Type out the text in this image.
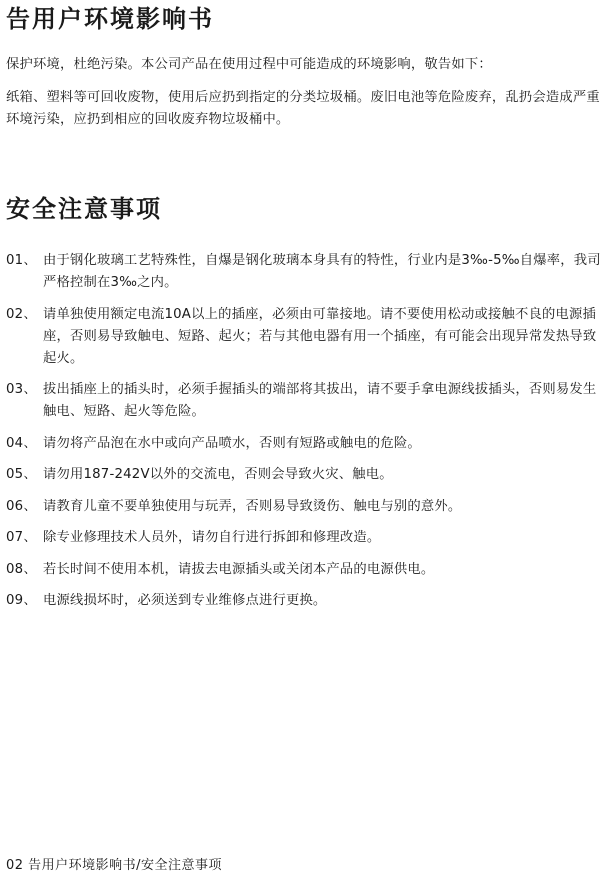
告用户环境影响书

保护环境，杜绝污染。本公司产品在使用过程中可能造成的环境影响，敬告如下：

纸箱、塑料等可回收废物，使用后应扔到指定的分类垃圾桶。废旧电池等危险废弃，乱扔会造成严重环境污染，应扔到相应的回收废弃物垃圾桶中。

安全注意事项
01、 由于钢化玻璃工艺特殊性，自爆是钢化玻璃本身具有的特性，行业内是3‰-5‰自爆率，我司严格控制在3‰之内。
02、 请单独使用额定电流10A以上的插座，必须由可靠接地。请不要使用松动或接触不良的电源插座，否则易导致触电、短路、起火；若与其他电器有用一个插座，有可能会出现异常发热导致起火。
03、 拔出插座上的插头时，必须手握插头的端部将其拔出，请不要手拿电源线拔插头，否则易发生触电、短路、起火等危险。
04、 请勿将产品泡在水中或向产品喷水，否则有短路或触电的危险。
05、 请勿用187-242V以外的交流电，否则会导致火灾、触电。
06、 请教育儿童不要单独使用与玩弄，否则易导致烫伤、触电与别的意外。
07、 除专业修理技术人员外，请勿自行进行拆卸和修理改造。
08、 若长时间不使用本机，请拔去电源插头或关闭本产品的电源供电。
09、 电源线损坏时，必须送到专业维修点进行更换。
02 告用户环境影响书/安全注意事项
